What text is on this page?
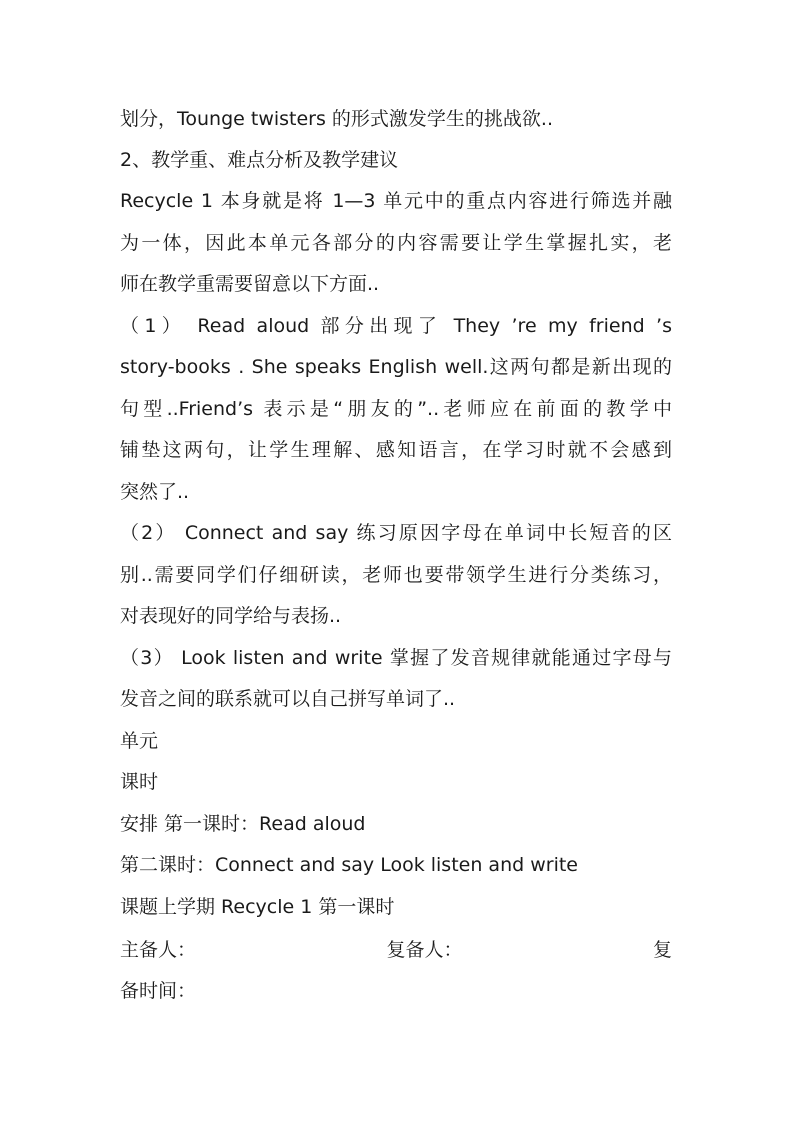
划分，Tounge twisters 的形式激发学生的挑战欲..
2、教学重、难点分析及教学建议
Recycle 1 本身就是将 1—3 单元中的重点内容进行筛选并融
为一体，因此本单元各部分的内容需要让学生掌握扎实，老
师在教学重需要留意以下方面..
（1） Read aloud 部分出现了 They ’re my friend ’s
story-books . She speaks English well.这两句都是新出现的
句型..Friend’s 表示是“朋友的”..老师应在前面的教学中
铺垫这两句，让学生理解、感知语言，在学习时就不会感到
突然了..
（2） Connect and say 练习原因字母在单词中长短音的区
别..需要同学们仔细研读，老师也要带领学生进行分类练习，
对表现好的同学给与表扬..
（3） Look listen and write 掌握了发音规律就能通过字母与
发音之间的联系就可以自己拼写单词了..
单元
课时
安排 第一课时：Read aloud
第二课时：Connect and say Look listen and write
课题上学期 Recycle 1 第一课时
主备人：	复备人：	复
备时间：
